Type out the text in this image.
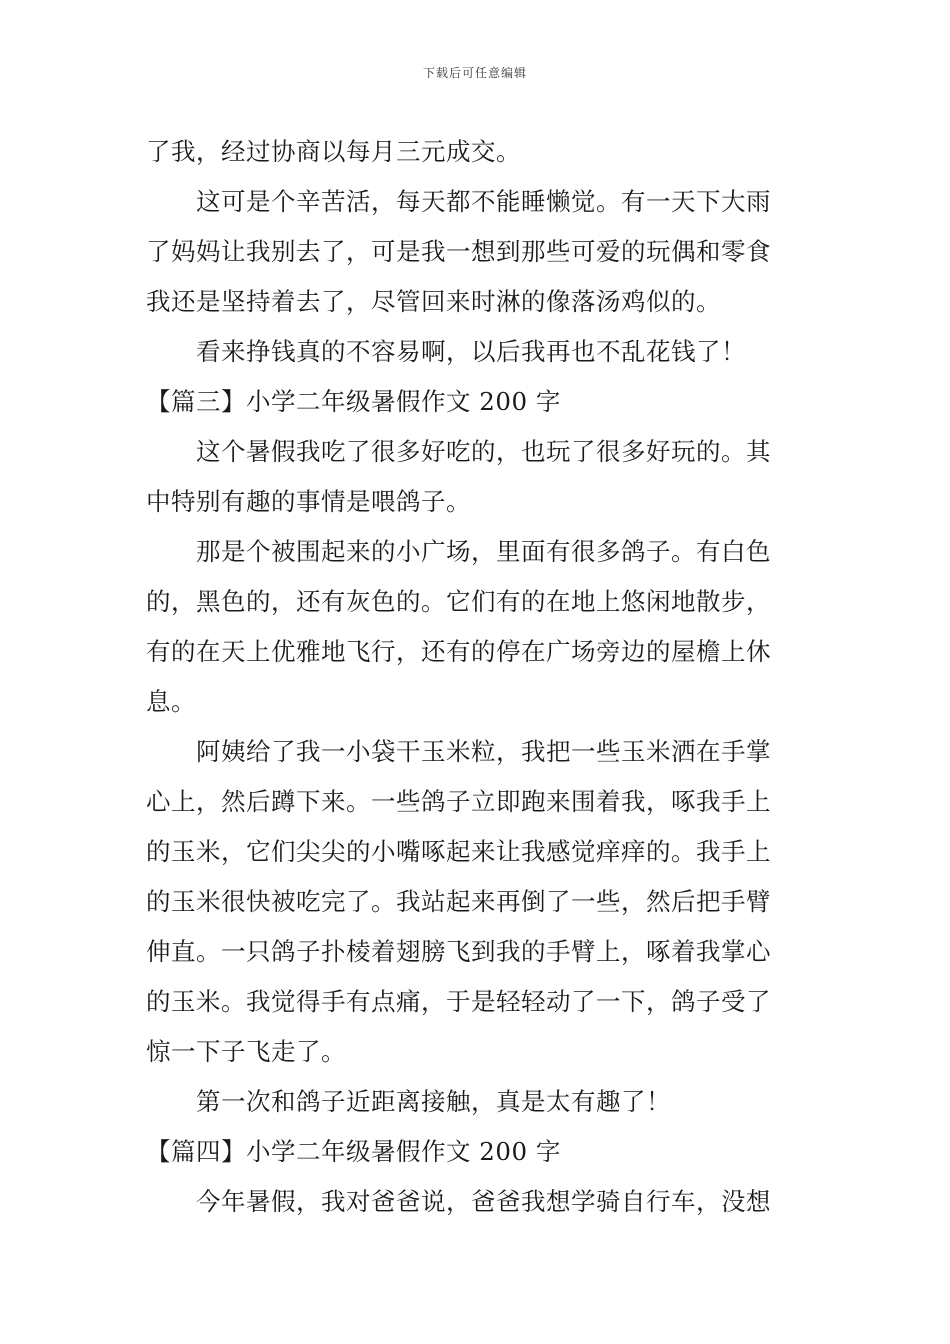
下载后可任意编辑
了我，经过协商以每月三元成交。
这可是个辛苦活，每天都不能睡懒觉。有一天下大雨
了妈妈让我别去了，可是我一想到那些可爱的玩偶和零食
我还是坚持着去了，尽管回来时淋的像落汤鸡似的。
看来挣钱真的不容易啊，以后我再也不乱花钱了！
【篇三】小学二年级暑假作文 200 字
这个暑假我吃了很多好吃的，也玩了很多好玩的。其
中特别有趣的事情是喂鸽子。
那是个被围起来的小广场，里面有很多鸽子。有白色
的，黑色的，还有灰色的。它们有的在地上悠闲地散步，
有的在天上优雅地飞行，还有的停在广场旁边的屋檐上休
息。
阿姨给了我一小袋干玉米粒，我把一些玉米洒在手掌
心上，然后蹲下来。一些鸽子立即跑来围着我，啄我手上
的玉米，它们尖尖的小嘴啄起来让我感觉痒痒的。我手上
的玉米很快被吃完了。我站起来再倒了一些，然后把手臂
伸直。一只鸽子扑棱着翅膀飞到我的手臂上，啄着我掌心
的玉米。我觉得手有点痛，于是轻轻动了一下，鸽子受了
惊一下子飞走了。
第一次和鸽子近距离接触，真是太有趣了！
【篇四】小学二年级暑假作文 200 字
今年暑假，我对爸爸说，爸爸我想学骑自行车，没想
